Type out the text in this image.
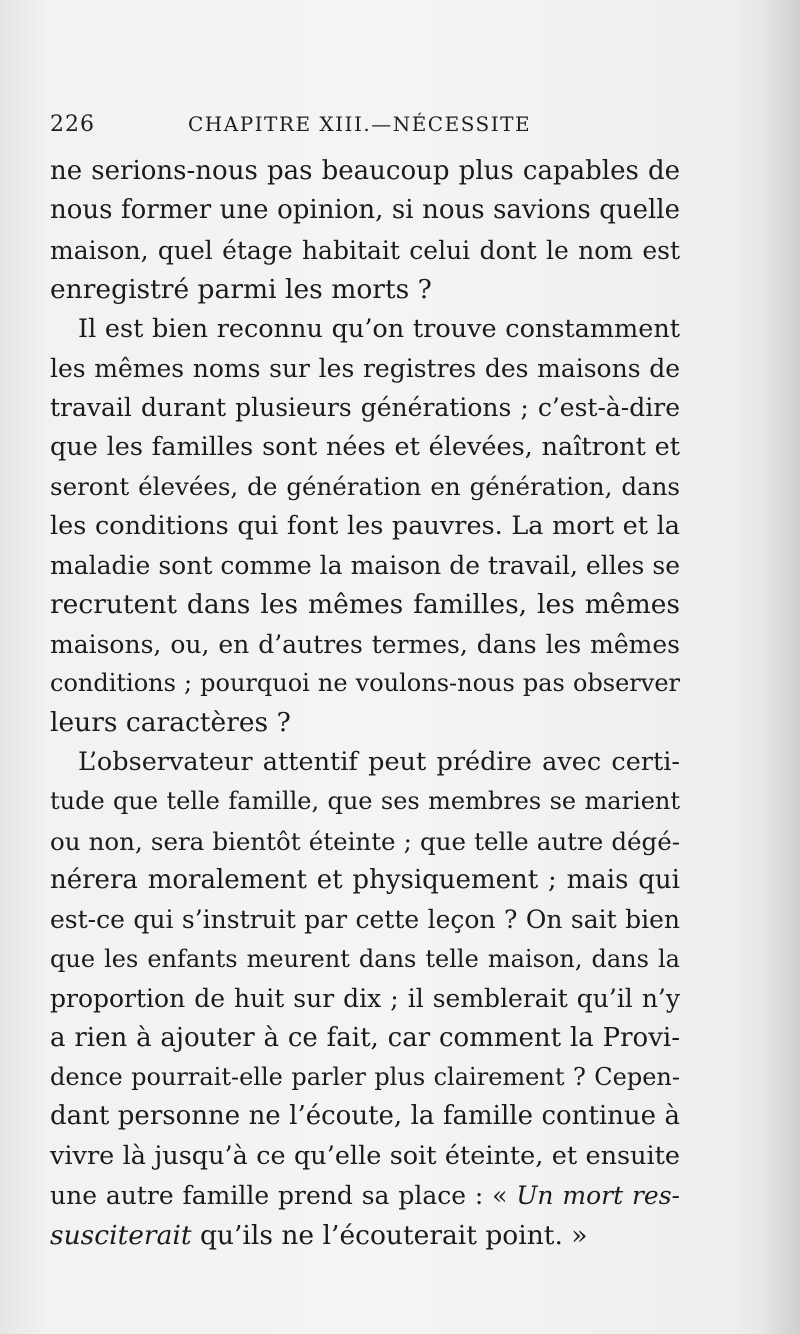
226	CHAPITRE XIII.—NÉCESSITE
ne serions-nous pas beaucoup plus capables de
nous former une opinion, si nous savions quelle
maison, quel étage habitait celui dont le nom est
enregistré parmi les morts ?
Il est bien reconnu qu’on trouve constamment
les mêmes noms sur les registres des maisons de
travail durant plusieurs générations ; c’est-à-dire
que les familles sont nées et élevées, naîtront et
seront élevées, de génération en génération, dans
les conditions qui font les pauvres. La mort et la
maladie sont comme la maison de travail, elles se
recrutent dans les mêmes familles, les mêmes
maisons, ou, en d’autres termes, dans les mêmes
conditions ; pourquoi ne voulons-nous pas observer
leurs caractères ?
L’observateur attentif peut prédire avec certi-
tude que telle famille, que ses membres se marient
ou non, sera bientôt éteinte ; que telle autre dégé-
nérera moralement et physiquement ; mais qui
est-ce qui s’instruit par cette leçon ? On sait bien
que les enfants meurent dans telle maison, dans la
proportion de huit sur dix ; il semblerait qu’il n’y
a rien à ajouter à ce fait, car comment la Provi-
dence pourrait-elle parler plus clairement ? Cepen-
dant personne ne l’écoute, la famille continue à
vivre là jusqu’à ce qu’elle soit éteinte, et ensuite
une autre famille prend sa place : « Un mort res-
susciterait qu’ils ne l’écouterait point. »
